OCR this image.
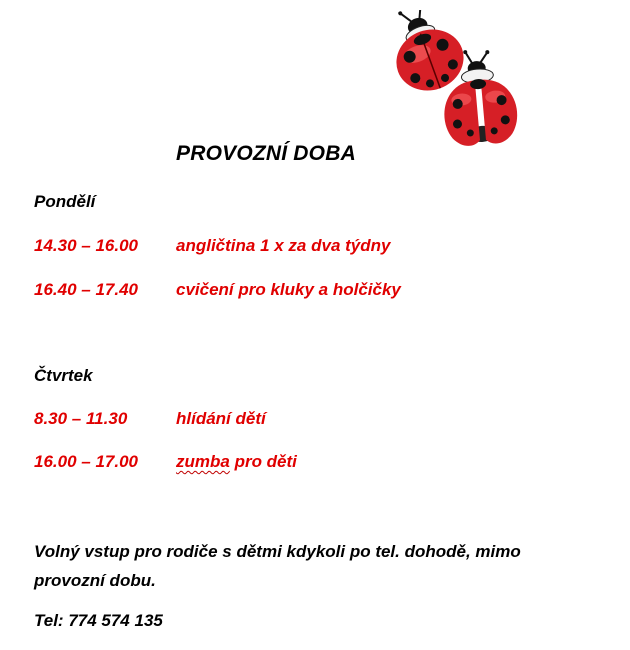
PROVOZNÍ DOBA
Pondělí
14.30 – 16.00 angličtina 1 x za dva týdny
16.40 – 17.40 cvičení pro kluky a holčičky
Čtvrtek
8.30 – 11.30	hlídání dětí
16.00 – 17.00 zumba pro děti
Volný vstup pro rodiče s dětmi kdykoli po tel. dohodě, mimo provozní dobu.
Tel: 774 574 135
